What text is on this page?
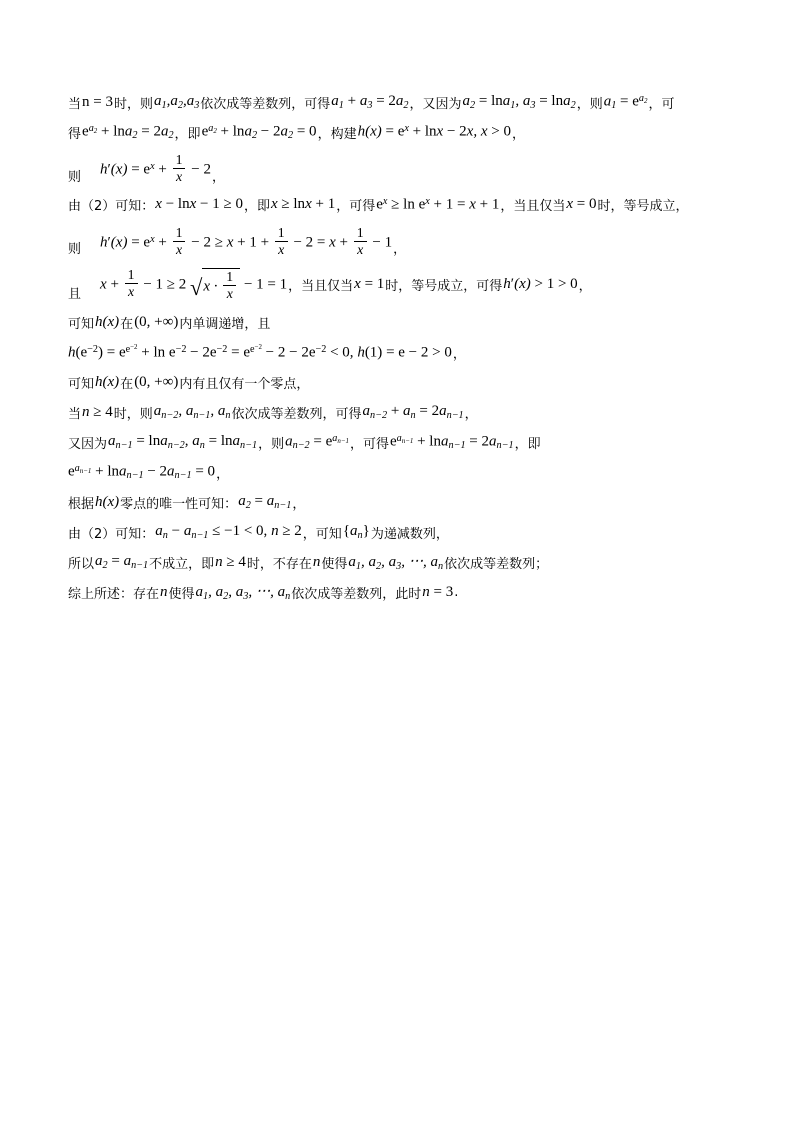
当 n = 3 时，则 $a_1,a_2,a_3$ 依次成等差数列，可得 $a_1 + a_3 = 2a_2$ ，又因为 $a_2 = \ln a_1$, $a_3 = \ln a_2$ ，则 $a_1 = e^{a_2}$ ，可
得 $e^{a_2} + \ln a_2 = 2a_2$ ，即 $e^{a_2} + \ln a_2 - 2a_2 = 0$ ，构建 $h(x) = e^x + \ln x - 2x$, x > 0 ，
则 $h'(x) = e^x + \frac{1}{x} - 2$ ，
由（2）可知： x − lnx − 1 ≥ 0 ，即 x ≥ lnx + 1 ，可得 $e^x \ge \ln e^x + 1 = x + 1$ ，当且仅当 x = 0 时，等号成立，
则 $h'(x) = e^x + \frac{1}{x} - 2 \ge x + 1 + \frac{1}{x} - 2 = x + \frac{1}{x} - 1$ ，
且
$x + \frac{1}{x} - 1 \ge 2$ $√x \cdot \frac{1}{x} - 1 = 1$ ，当且仅当 x = 1 时，等号成立，可得 h′(x) > 1 > 0 ，
可知 h(x) 在 (0, +∞) 内单调递增，且
$h(e^{-2}) = e^{e^{-2}} + \ln e^{-2} - 2e^{-2} = e^{e^{-2}} - 2 - 2e^{-2} < 0$, h(1) = e − 2 > 0 ，
可知 h(x) 在 (0, +∞) 内有且仅有一个零点，
当 n ≥ 4 时，则 $a_{n-2}$, $a_{n-1}$, $a_n$ 依次成等差数列，可得 $a_{n-2} + a_n = 2a_{n-1}$ ，
又因为 $a_{n-1} = \ln a_{n-2}$, $a_n = \ln a_{n-1}$ ，则 $a_{n-2} = e^{a_{n-1}}$ ，可得 $e^{a_{n-1}} + \ln a_{n-1} = 2a_{n-1}$ ，即
$e^{a_{n-1}} + \ln a_{n-1} - 2a_{n-1} = 0$ ，
根据 h(x) 零点的唯一性可知： $a_2 = a_{n-1}$ ，
由（2）可知： $a_n - a_{n-1} \le -1 < 0$, n ≥ 2 ，可知 $\{a_n\}$ 为递减数列，
所以 $a_2 = a_{n-1}$ 不成立，即 n ≥ 4 时，不存在 n 使得 $a_1$, $a_2$, $a_3$, ⋅⋅⋅, $a_n$ 依次成等差数列；
综上所述：存在 n 使得 $a_1$, $a_2$, $a_3$, ⋅⋅⋅, $a_n$ 依次成等差数列，此时 n = 3 .
